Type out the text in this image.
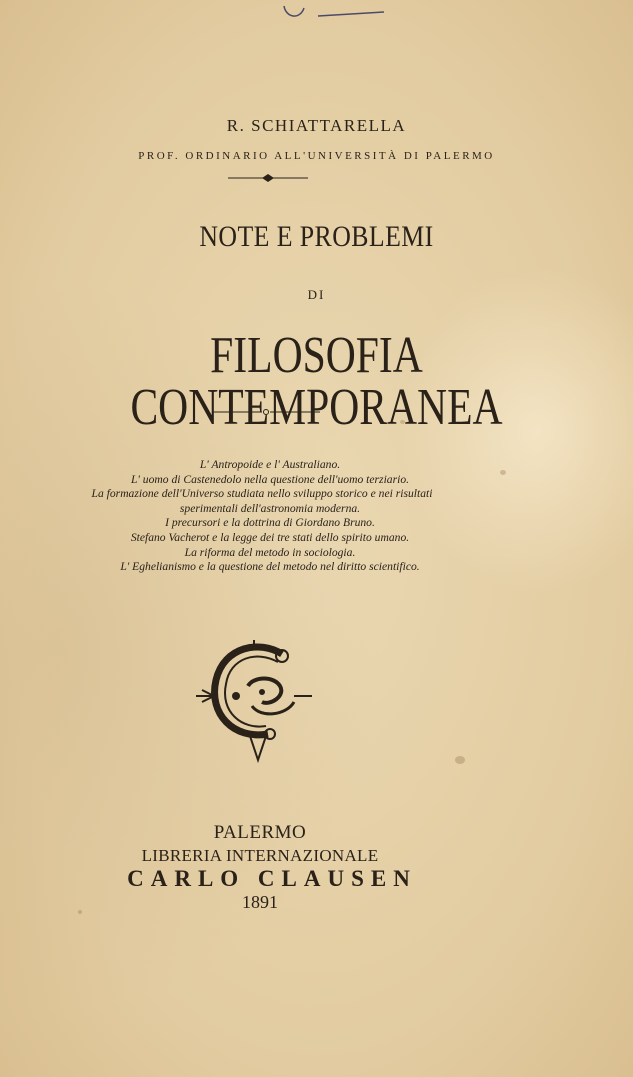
R. SCHIATTARELLA
PROF. ORDINARIO ALL'UNIVERSITÀ DI PALERMO
NOTE E PROBLEMI
DI
FILOSOFIA CONTEMPORANEA
L' Antropoide e l' Australiano.
L' uomo di Castenedolo nella questione dell'uomo terziario.
La formazione dell'Universo studiata nello sviluppo storico e nei risultati
sperimentali dell'astronomia moderna.
I precursori e la dottrina di Giordano Bruno.
Stefano Vacherot e la legge dei tre stati dello spirito umano.
La riforma del metodo in sociologia.
L' Eghelianismo e la questione del metodo nel diritto scientifico.
PALERMO
LIBRERIA INTERNAZIONALE
CARLO CLAUSEN
1891
